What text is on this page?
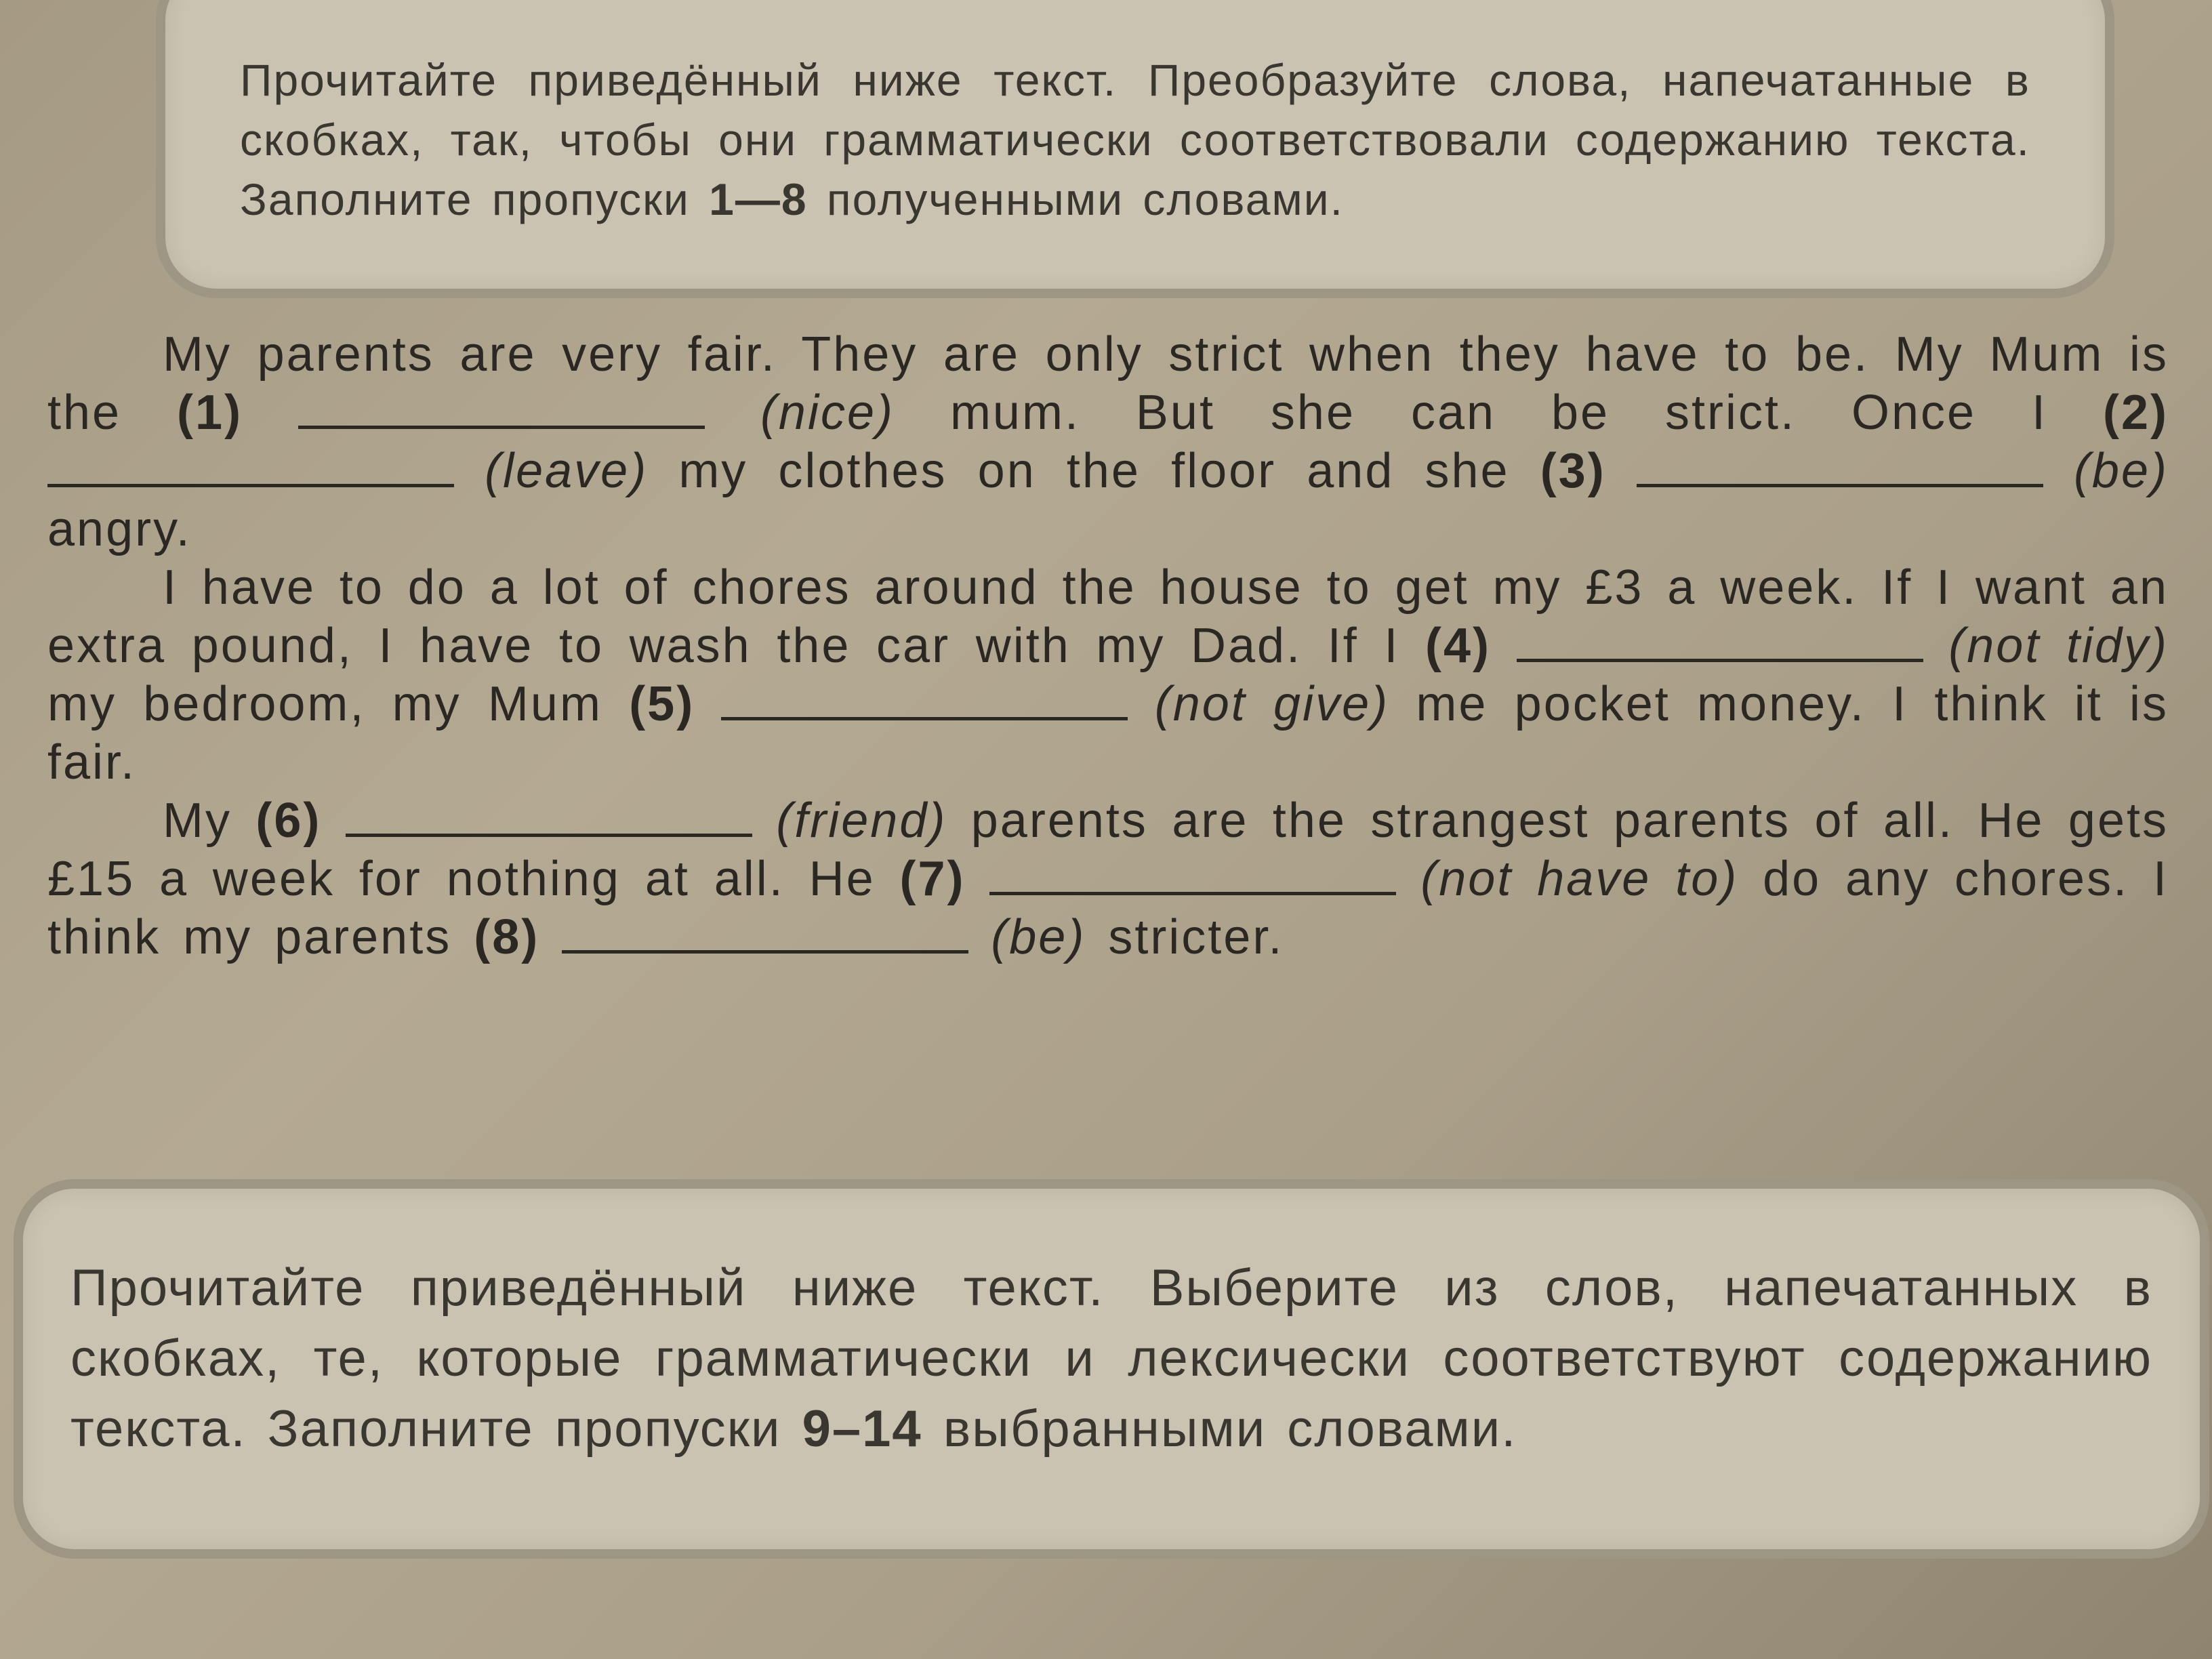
Прочитайте приведённый ниже текст. Преобразуйте слова, напечатанные в скобках, так, чтобы они грамматически соответствовали содержанию текста. Заполните пропуски 1—8 полученными словами.

My parents are very fair. They are only strict when they have to be. My Mum is the (1)	(nice) mum. But she can be strict. Once I (2)  (leave) my clothes on the floor and she (3)	(be) angry.

I have to do a lot of chores around the house to get my £3 a week. If I want an extra pound, I have to wash the car with my Dad. If I (4)	(not tidy) my bedroom, my Mum (5)	(not give) me pocket money. I think it is fair.

My (6)	(friend) parents are the strangest parents of all. He gets £15 a week for nothing at all. He (7)	(not have to) do any chores. I think my parents (8)	(be) stricter.

Прочитайте приведённый ниже текст. Выберите из слов, напечатанных в скобках, те, которые грамматически и лексически соответствуют содержанию текста. Заполните пропуски 9–14 выбранными словами.
